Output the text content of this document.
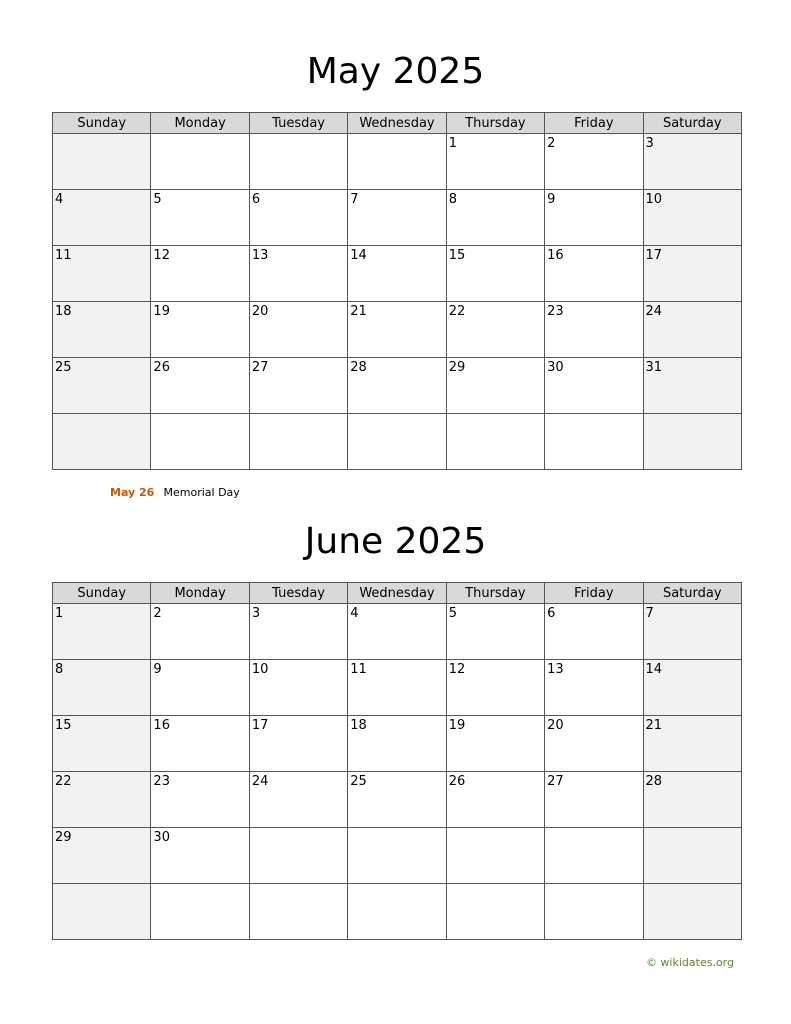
May 2025
Sunday	Monday	Tuesday	Wednesday	Thursday	Friday	Saturday

				1	2	3

4	5	6	7	8	9	10

11	12	13	14	15	16	17

18	19	20	21	22	23	24

25	26	27	28	29	30	31

May 26 Memorial Day
June 2025
Sunday	Monday	Tuesday	Wednesday	Thursday	Friday	Saturday

1	2	3	4	5	6	7

8	9	10	11	12	13	14

15	16	17	18	19	20	21

22	23	24	25	26	27	28

29	30					

© wikidates.org
